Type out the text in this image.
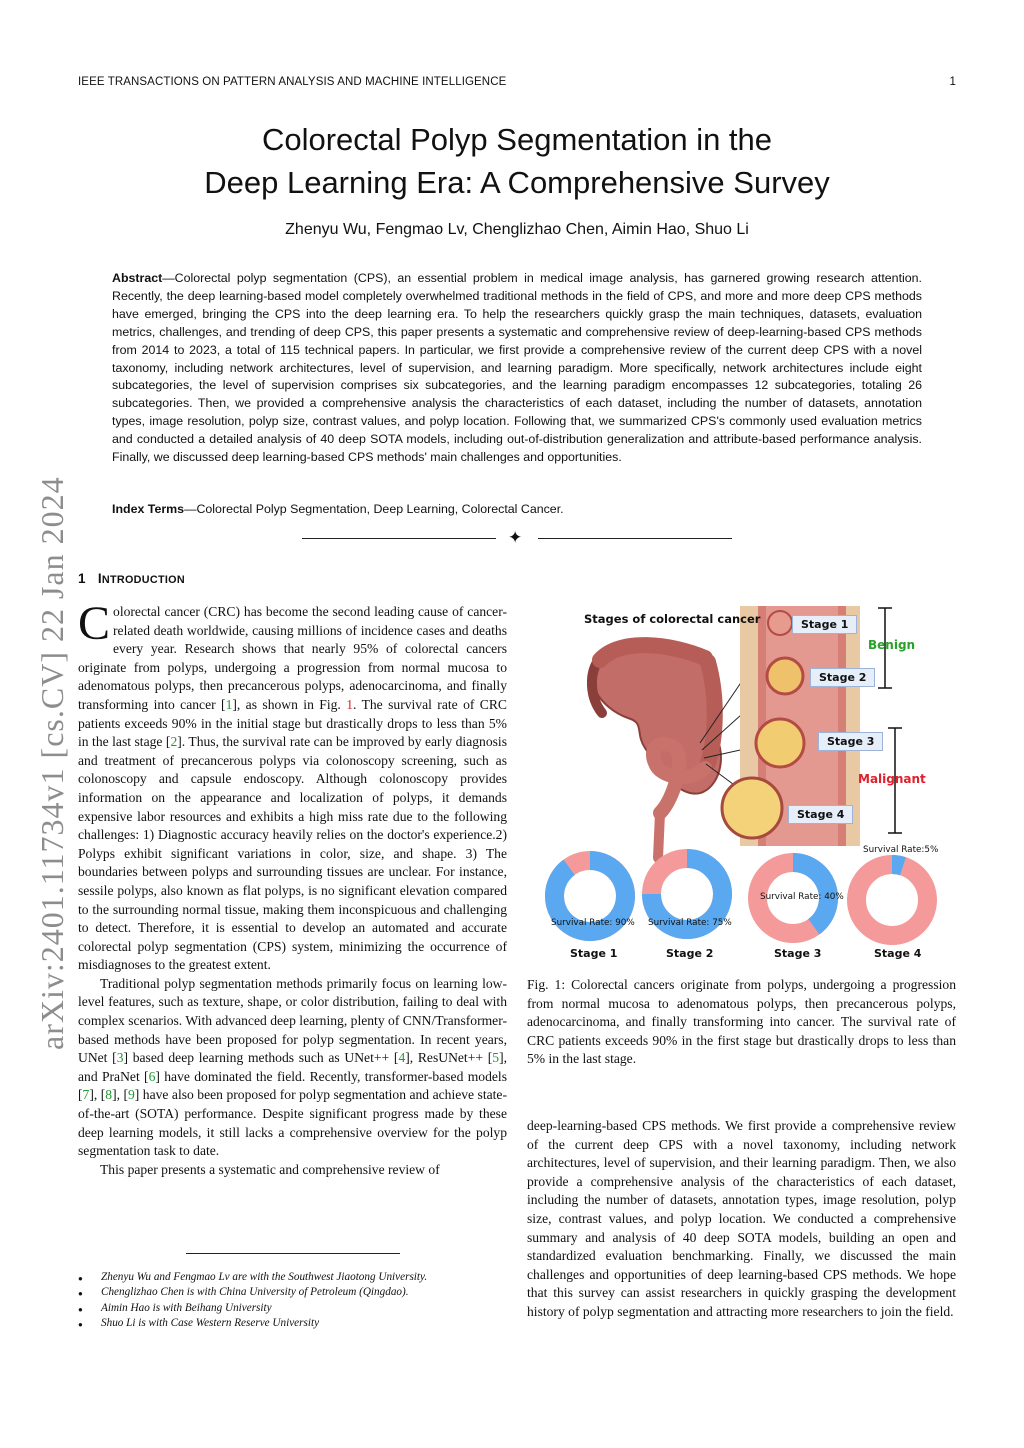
IEEE TRANSACTIONS ON PATTERN ANALYSIS AND MACHINE INTELLIGENCE	1
Colorectal Polyp Segmentation in the
Deep Learning Era: A Comprehensive Survey
Zhenyu Wu, Fengmao Lv, Chenglizhao Chen, Aimin Hao, Shuo Li
Abstract—Colorectal polyp segmentation (CPS), an essential problem in medical image analysis, has garnered growing research attention. Recently, the deep learning-based model completely overwhelmed traditional methods in the field of CPS, and more and more deep CPS methods have emerged, bringing the CPS into the deep learning era. To help the researchers quickly grasp the main techniques, datasets, evaluation metrics, challenges, and trending of deep CPS, this paper presents a systematic and comprehensive review of deep-learning-based CPS methods from 2014 to 2023, a total of 115 technical papers. In particular, we first provide a comprehensive review of the current deep CPS with a novel taxonomy, including network architectures, level of supervision, and learning paradigm. More specifically, network architectures include eight subcategories, the level of supervision comprises six subcategories, and the learning paradigm encompasses 12 subcategories, totaling 26 subcategories. Then, we provided a comprehensive analysis the characteristics of each dataset, including the number of datasets, annotation types, image resolution, polyp size, contrast values, and polyp location. Following that, we summarized CPS's commonly used evaluation metrics and conducted a detailed analysis of 40 deep SOTA models, including out-of-distribution generalization and attribute-based performance analysis. Finally, we discussed deep learning-based CPS methods' main challenges and opportunities.
Index Terms—Colorectal Polyp Segmentation, Deep Learning, Colorectal Cancer.
✦
1 INTRODUCTION

Colorectal cancer (CRC) has become the second leading cause of cancer-related death worldwide, causing millions of incidence cases and deaths every year. Research shows that nearly 95% of colorectal cancers originate from polyps, undergoing a progression from normal mucosa to adenomatous polyps, then precancerous polyps, adenocarcinoma, and finally transforming into cancer [1], as shown in Fig. 1. The survival rate of CRC patients exceeds 90% in the initial stage but drastically drops to less than 5% in the last stage [2]. Thus, the survival rate can be improved by early diagnosis and treatment of precancerous polyps via colonoscopy screening, such as colonoscopy and capsule endoscopy. Although colonoscopy provides information on the appearance and localization of polyps, it demands expensive labor resources and exhibits a high miss rate due to the following challenges: 1) Diagnostic accuracy heavily relies on the doctor's experience.2) Polyps exhibit significant variations in color, size, and shape. 3) The boundaries between polyps and surrounding tissues are unclear. For instance, sessile polyps, also known as flat polyps, is no significant elevation compared to the surrounding normal tissue, making them inconspicuous and challenging to detect. Therefore, it is essential to develop an automated and accurate colorectal polyp segmentation (CPS) system, minimizing the occurrence of misdiagnoses to the greatest extent.

Traditional polyp segmentation methods primarily focus on learning low-level features, such as texture, shape, or color distribution, failing to deal with complex scenarios. With advanced deep learning, plenty of CNN/Transformer-based methods have been proposed for polyp segmentation. In recent years, UNet [3] based deep learning methods such as UNet++ [4], ResUNet++ [5], and PraNet [6] have dominated the field. Recently, transformer-based models [7], [8], [9] have also been proposed for polyp segmentation and achieve state-of-the-art (SOTA) performance. Despite significant progress made by these deep learning models, it still lacks a comprehensive overview for the polyp segmentation task to date.

This paper presents a systematic and comprehensive review of

● Zhenyu Wu and Fengmao Lv are with the Southwest Jiaotong University.
● Chenglizhao Chen is with China University of Petroleum (Qingdao).
● Aimin Hao is with Beihang University
● Shuo Li is with Case Western Reserve University
Stages of colorectal cancer	Stage 1
Stage 2
Stage 3
Stage 4
Benign
Malignant
Survival Rate: 90% Survival Rate: 75%
Survival Rate: 40%
Survival Rate:5%
Stage 1	Stage 2	Stage 3	Stage 4
Fig. 1: Colorectal cancers originate from polyps, undergoing a progression from normal mucosa to adenomatous polyps, then precancerous polyps, adenocarcinoma, and finally transforming into cancer. The survival rate of CRC patients exceeds 90% in the first stage but drastically drops to less than 5% in the last stage.

deep-learning-based CPS methods. We first provide a comprehensive review of the current deep CPS with a novel taxonomy, including network architectures, level of supervision, and their learning paradigm. Then, we also provide a comprehensive analysis of the characteristics of each dataset, including the number of datasets, annotation types, image resolution, polyp size, contrast values, and polyp location. We conducted a comprehensive summary and analysis of 40 deep SOTA models, building an open and standardized evaluation benchmarking. Finally, we discussed the main challenges and opportunities of deep learning-based CPS methods. We hope that this survey can assist researchers in quickly grasping the development history of polyp segmentation and attracting more researchers to join the field.

arXiv:2401.11734v1 [cs.CV] 22 Jan 2024
